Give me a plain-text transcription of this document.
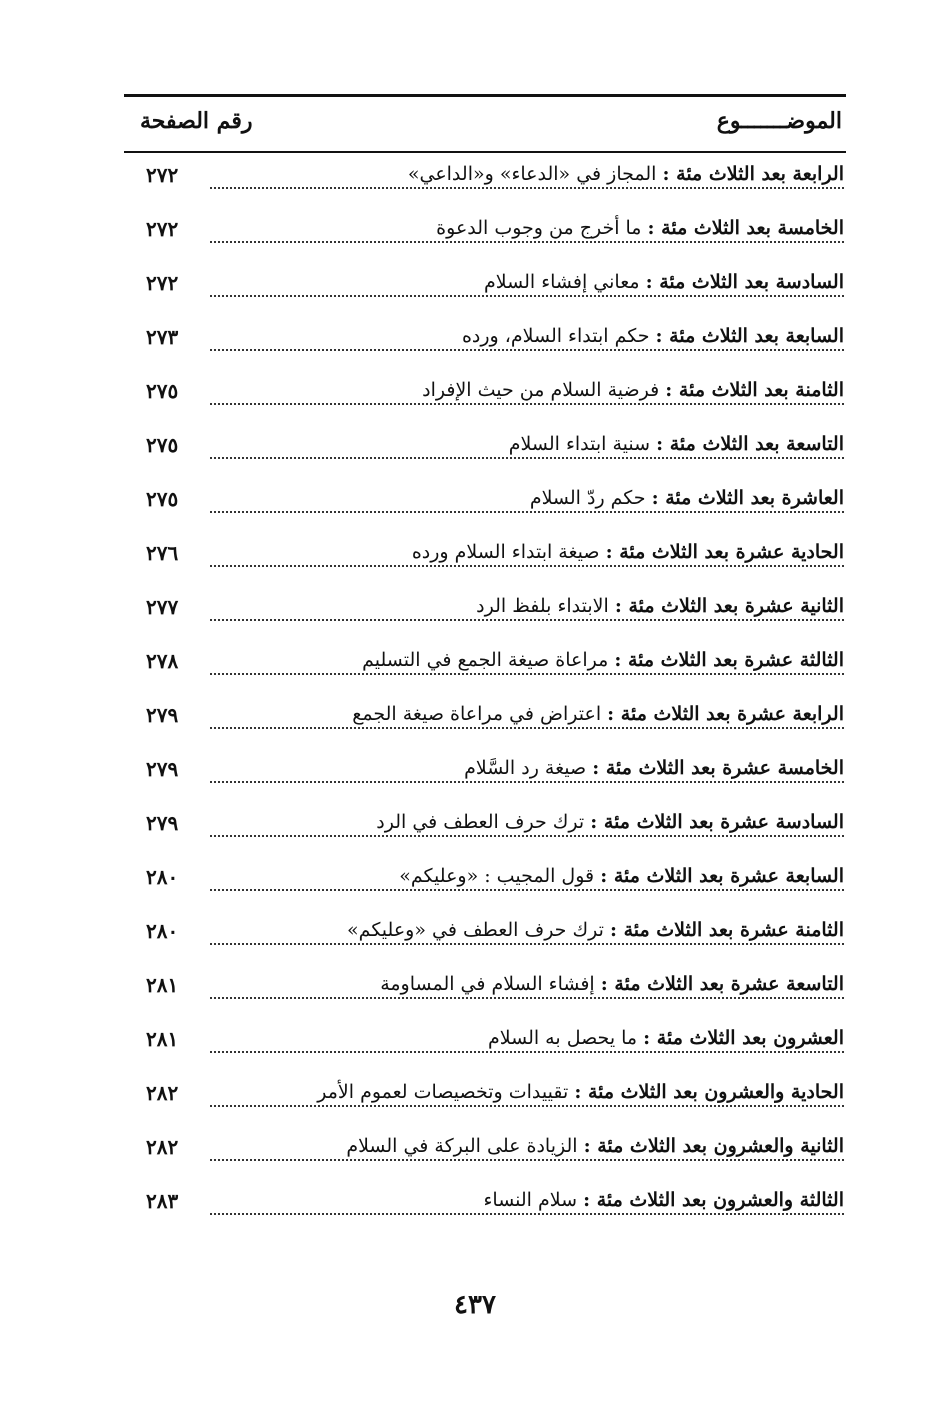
الموضـــــــوع
رقم الصفحة
الرابعة بعد الثلاث مئة : المجاز في «الدعاء» و«الداعي»
٢٧٢
الخامسة بعد الثلاث مئة : ما أخرج من وجوب الدعوة
٢٧٢
السادسة بعد الثلاث مئة : معاني إفشاء السلام
٢٧٢
السابعة بعد الثلاث مئة : حكم ابتداء السلام، ورده
٢٧٣
الثامنة بعد الثلاث مئة : فرضية السلام من حيث الإفراد
٢٧٥
التاسعة بعد الثلاث مئة : سنية ابتداء السلام
٢٧٥
العاشرة بعد الثلاث مئة : حكم ردّ السلام
٢٧٥
الحادية عشرة بعد الثلاث مئة : صيغة ابتداء السلام ورده
٢٧٦
الثانية عشرة بعد الثلاث مئة : الابتداء بلفظ الرد
٢٧٧
الثالثة عشرة بعد الثلاث مئة : مراعاة صيغة الجمع في التسليم
٢٧٨
الرابعة عشرة بعد الثلاث مئة : اعتراض في مراعاة صيغة الجمع
٢٧٩
الخامسة عشرة بعد الثلاث مئة : صيغة رد السَّلام
٢٧٩
السادسة عشرة بعد الثلاث مئة : ترك حرف العطف في الرد
٢٧٩
السابعة عشرة بعد الثلاث مئة : قول المجيب : «وعليكم»
٢٨٠
الثامنة عشرة بعد الثلاث مئة : ترك حرف العطف في «وعليكم»
٢٨٠
التاسعة عشرة بعد الثلاث مئة : إفشاء السلام في المساومة
٢٨١
العشرون بعد الثلاث مئة : ما يحصل به السلام
٢٨١
الحادية والعشرون بعد الثلاث مئة : تقييدات وتخصيصات لعموم الأمر
٢٨٢
الثانية والعشرون بعد الثلاث مئة : الزيادة على البركة في السلام
٢٨٢
الثالثة والعشرون بعد الثلاث مئة : سلام النساء
٢٨٣
٤٣٧
